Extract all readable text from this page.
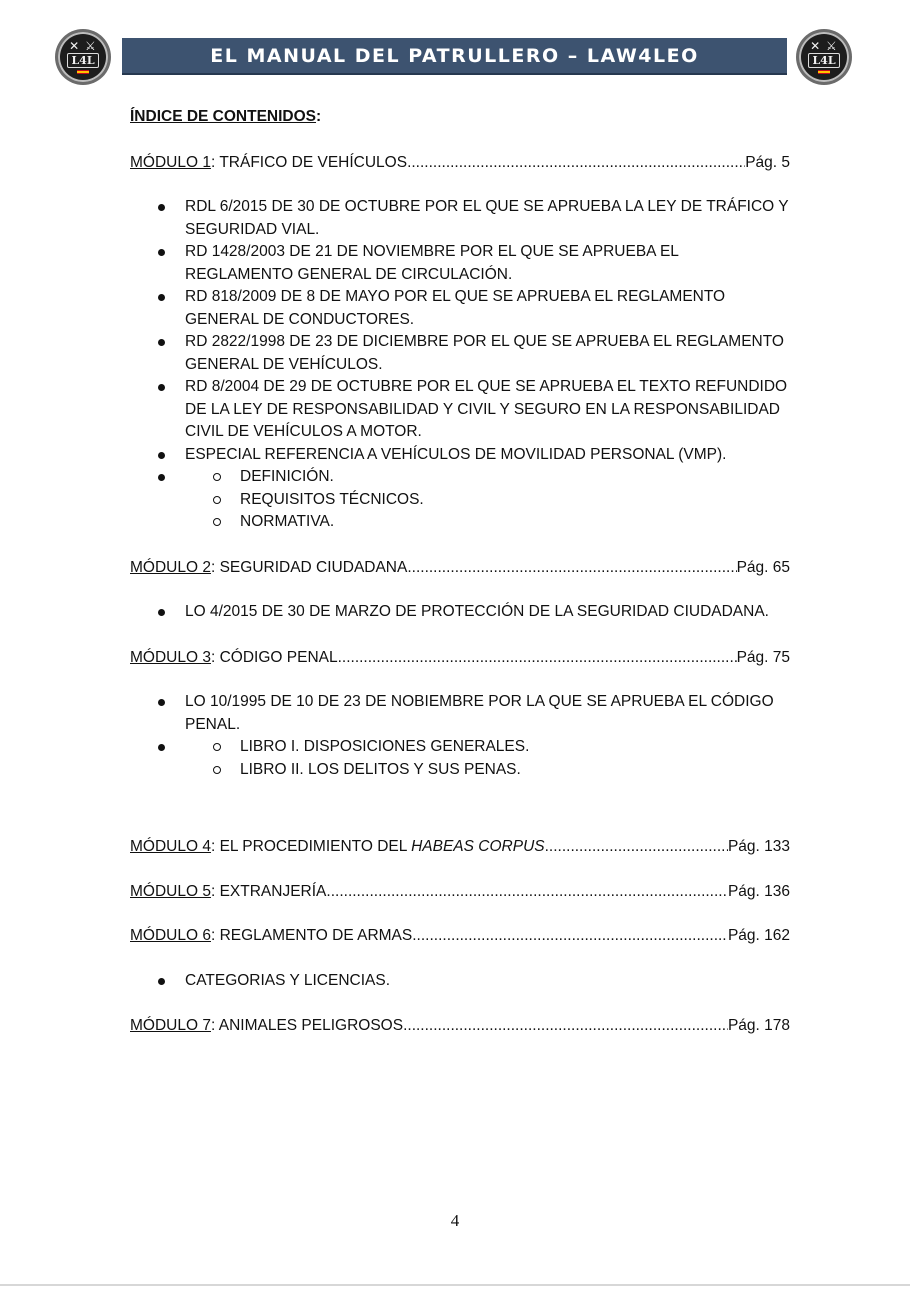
✕ ⚔
L4L	EL MANUAL DEL PATRULLERO – LAW4LEO	✕ ⚔
L4L

ÍNDICE DE CONTENIDOS:

MÓDULO 1: TRÁFICO DE VEHÍCULOS .....	Pág. 5

RDL 6/2015 DE 30 DE OCTUBRE POR EL QUE SE APRUEBA LA LEY DE TRÁFICO Y SEGURIDAD VIAL.
RD 1428/2003 DE 21 DE NOVIEMBRE POR EL QUE SE APRUEBA EL REGLAMENTO GENERAL DE CIRCULACIÓN.
RD 818/2009 DE 8 DE MAYO POR EL QUE SE APRUEBA EL REGLAMENTO GENERAL DE CONDUCTORES.
RD 2822/1998 DE 23 DE DICIEMBRE POR EL QUE SE APRUEBA EL REGLAMENTO GENERAL DE VEHÍCULOS.
RD 8/2004 DE 29 DE OCTUBRE POR EL QUE SE APRUEBA EL TEXTO REFUNDIDO DE LA LEY DE RESPONSABILIDAD Y CIVIL Y SEGURO EN LA RESPONSABILIDAD CIVIL DE VEHÍCULOS A MOTOR.
ESPECIAL REFERENCIA A VEHÍCULOS DE MOVILIDAD PERSONAL (VMP).
DEFINICIÓN.
REQUISITOS TÉCNICOS.
NORMATIVA.

MÓDULO 2: SEGURIDAD CIUDADANA .....	Pág. 65

LO 4/2015 DE 30 DE MARZO DE PROTECCIÓN DE LA SEGURIDAD CIUDADANA.

MÓDULO 3: CÓDIGO PENAL .....	Pág. 75

LO 10/1995 DE 10 DE 23 DE NOBIEMBRE POR LA QUE SE APRUEBA EL CÓDIGO PENAL.
LIBRO I. DISPOSICIONES GENERALES.
LIBRO II. LOS DELITOS Y SUS PENAS.

MÓDULO 4: EL PROCEDIMIENTO DEL HABEAS CORPUS .....	Pág. 133

MÓDULO 5: EXTRANJERÍA .....	Pág. 136

MÓDULO 6: REGLAMENTO DE ARMAS .....	Pág. 162

CATEGORIAS Y LICENCIAS.

MÓDULO 7: ANIMALES PELIGROSOS .....	Pág. 178

4
